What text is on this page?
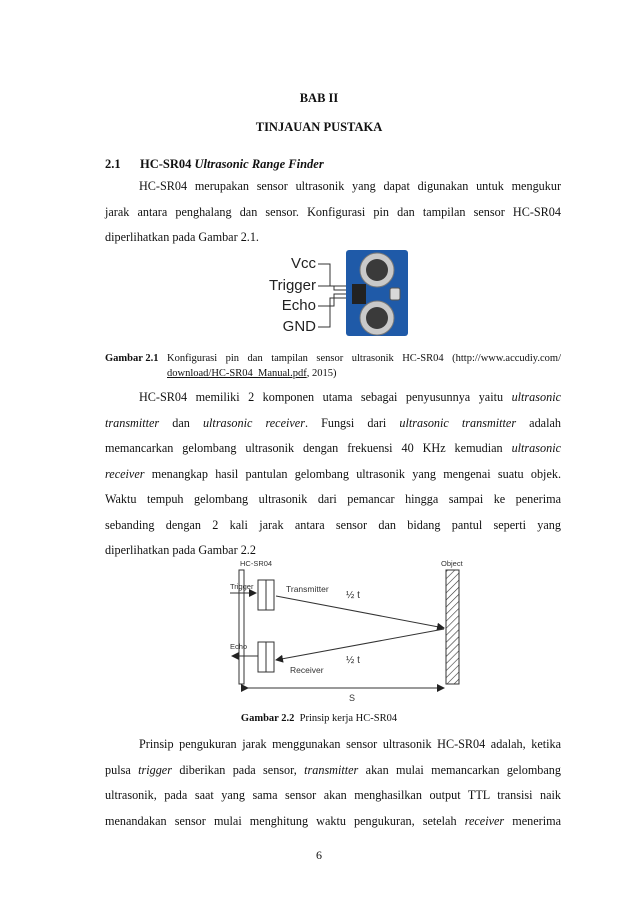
BAB II
TINJAUAN PUSTAKA
2.1 HC-SR04 Ultrasonic Range Finder
HC-SR04 merupakan sensor ultrasonik yang dapat digunakan untuk mengukur
jarak antara penghalang dan sensor. Konfigurasi pin dan tampilan sensor HC-SR04
diperlihatkan pada Gambar 2.1.
Vcc
Trigger
Echo
GND
Gambar 2.1 Konfigurasi pin dan tampilan sensor ultrasonik HC-SR04 (http://www.accudiy.com/
download/HC-SR04_Manual.pdf, 2015)
HC-SR04 memiliki 2 komponen utama sebagai penyusunnya yaitu ultrasonic
transmitter dan ultrasonic receiver. Fungsi dari ultrasonic transmitter adalah
memancarkan gelombang ultrasonik dengan frekuensi 40 KHz kemudian ultrasonic
receiver menangkap hasil pantulan gelombang ultrasonik yang mengenai suatu objek.
Waktu tempuh gelombang ultrasonik dari pemancar hingga sampai ke penerima
sebanding dengan 2 kali jarak antara sensor dan bidang pantul seperti yang
diperlihatkan pada Gambar 2.2
HC-SR04	Object
Trigger
Echo
Transmitter
Receiver
½ t
½ t
S
Gambar 2.2 Prinsip kerja HC-SR04
Prinsip pengukuran jarak menggunakan sensor ultrasonik HC-SR04 adalah, ketika
pulsa trigger diberikan pada sensor, transmitter akan mulai memancarkan gelombang
ultrasonik, pada saat yang sama sensor akan menghasilkan output TTL transisi naik
menandakan sensor mulai menghitung waktu pengukuran, setelah receiver menerima
6
